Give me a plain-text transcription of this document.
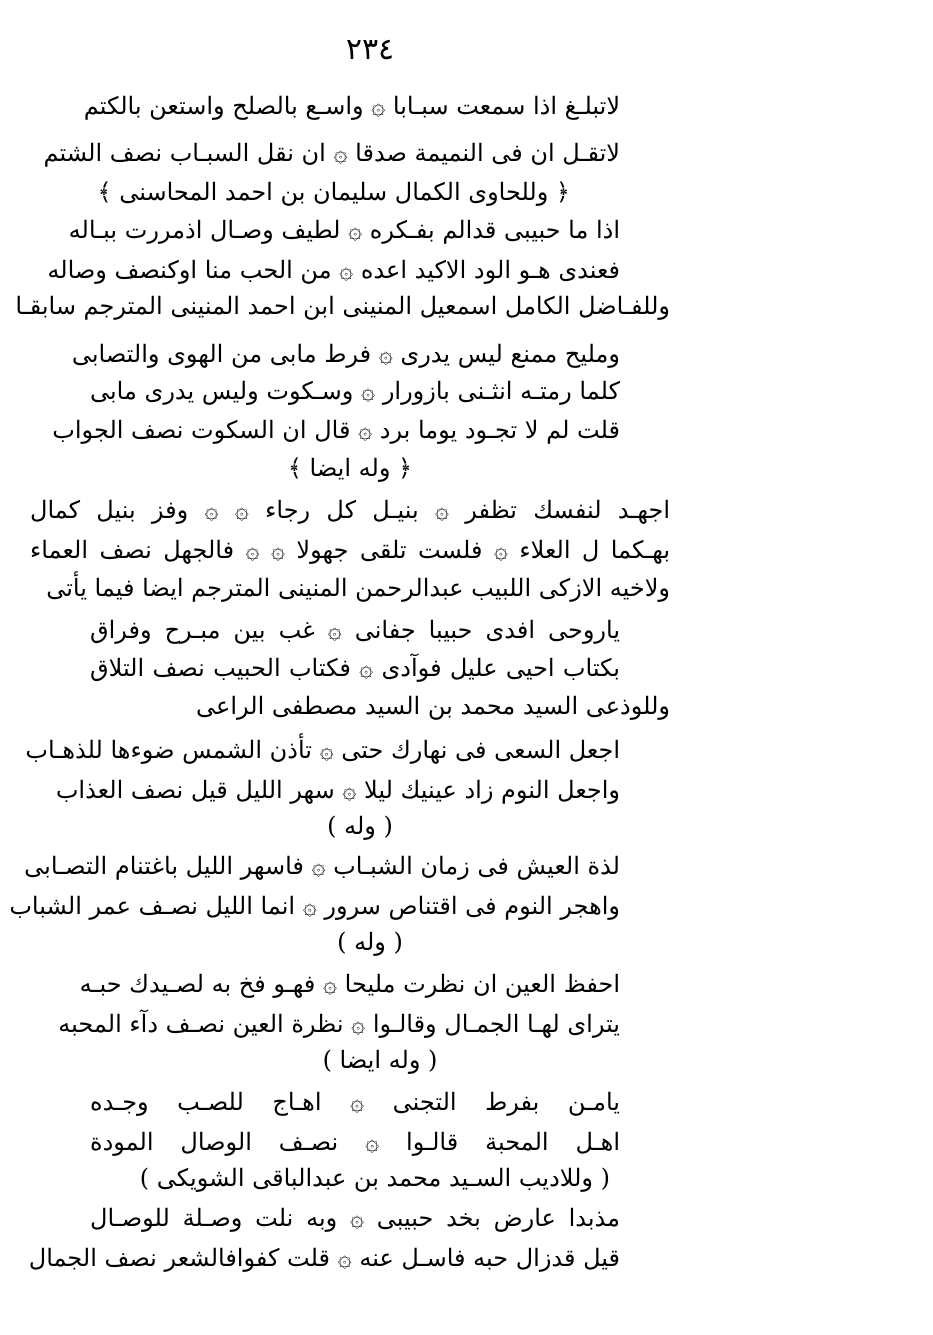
٢٣٤
لاتبلـغ اذا سمعت سبـابا ۞ واسـع بالصلح واستعن بالكتم
لاتقـل ان فى النميمة صدقا ۞ ان نقل السبـاب نصف الشتم
﴿ وللحاوى الكمال سليمان بن احمد المحاسنى ﴾
اذا ما حبيبى قدالم بفـكره ۞ لطيف وصـال اذمررت ببـاله
فعندى هـو الود الاكيد اعده ۞ من الحب منا اوكنصف وصاله
وللفـاضل الكامل اسمعيل المنينى ابن احمد المنينى المترجم سابقـا
ومليح ممنع ليس يدرى ۞ فرط مابى من الهوى والتصابى
كلما رمتـه انثـنى بازورار ۞ وسـكوت وليس يدرى مابى
قلت لم لا تجـود يوما برد ۞ قال ان السكوت نصف الجواب
﴿ وله ايضا ﴾
اجهـد لنفسك تظفر ۞ بنيـل كل رجاء ۞ ۞ وفز بنيل كمال
بهـكما ل العلاء ۞ فلست تلقى جهولا ۞ ۞ فالجهل نصف العماء
ولاخيه الازكى اللبيب عبدالرحمن المنينى المترجم ايضا فيما يأتى
ياروحى افدى حبيبا جفانى ۞ غب بين مبـرح وفراق
بكتاب احيى عليل فوآدى ۞ فكتاب الحبيب نصف التلاق
وللوذعى السيد محمد بن السيد مصطفى الراعى
اجعل السعى فى نهارك حتى ۞ تأذن الشمس ضوءها للذهـاب
واجعل النوم زاد عينيك ليلا ۞ سهر الليل قيل نصف العذاب
( وله )
لذة العيش فى زمان الشبـاب ۞ فاسهر الليل باغتنام التصـابى
واهجر النوم فى اقتناص سرور ۞ انما الليل نصـف عمر الشباب
( وله )
احفظ العين ان نظرت مليحا ۞ فهـو فخ به لصـيدك حبـه
يتراى لهـا الجمـال وقالـوا ۞ نظرة العين نصـف دآء المحبه
( وله ايضا )
يامـن بفرط التجنى ۞ اهـاج للصـب وجـده
اهـل المحبة قالـوا ۞ نصـف الوصال المودة
( وللاديب السـيد محمد بن عبدالباقى الشويكى )
مذبدا عارض بخد حبيبى ۞ وبه نلت وصـلة للوصـال
قيل قدزال حبه فاسـل عنه ۞ قلت كفوافالشعر نصف الجمال
